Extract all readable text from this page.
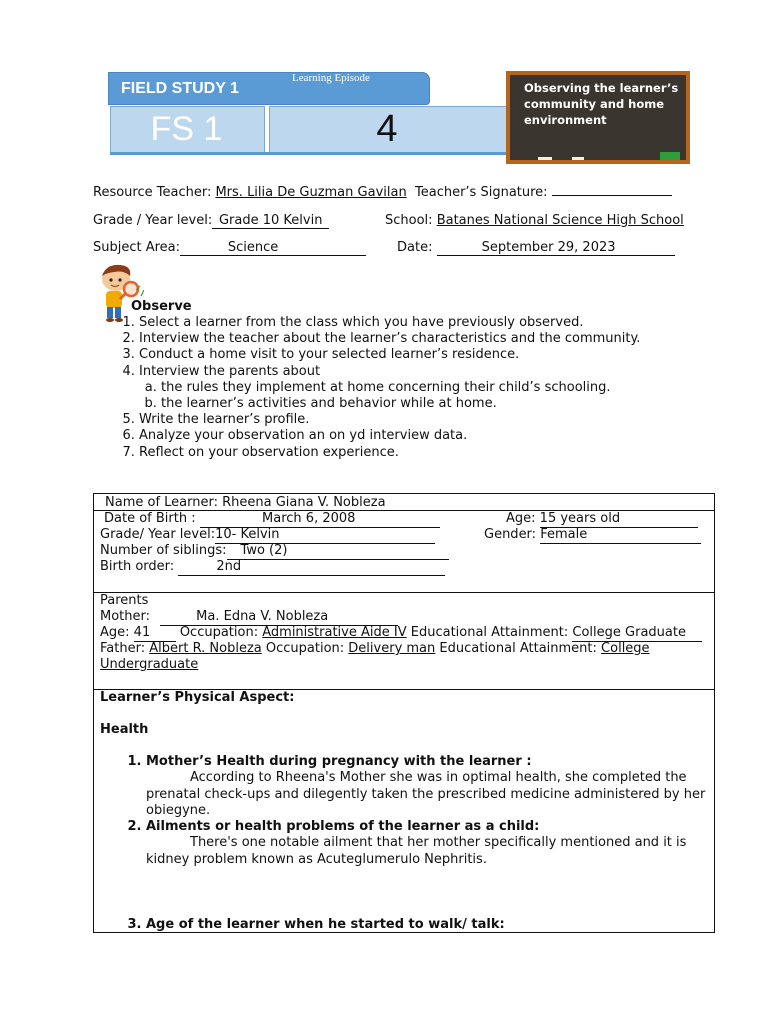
FIELD STUDY 1
Learning Episode
FS 1	4
Observing the learner’s community and home environment
Resource Teacher: Mrs. Lilia De Guzman Gavilan Teacher’s Signature:
Grade / Year level: Grade 10 Kelvin	School: Batanes National Science High School
Subject Area:	Science	Date:	September 29, 2023
Observe
1. Select a learner from the class which you have previously observed.
2. Interview the teacher about the learner’s characteristics and the community.
3. Conduct a home visit to your selected learner’s residence.
4. Interview the parents about
a. the rules they implement at home concerning their child’s schooling.
b. the learner’s activities and behavior while at home.
5. Write the learner’s profile.
6. Analyze your observation an on yd interview data.
7. Reflect on your observation experience.
Name of Learner: Rheena Giana V. Nobleza
Date of Birth :	March 6, 2008	Age: 15 years old
Grade/ Year level:10- Kelvin	Gender: Female
Number of siblings: Two (2)
Birth order:	2nd
Parents
Mother:	Ma. Edna V. Nobleza
Age: 41 Occupation: Administrative Aide IV Educational Attainment: College Graduate
Father: Albert R. Nobleza Occupation: Delivery man Educational Attainment: College
Undergraduate
Learner’s Physical Aspect:
Health
1. Mother’s Health during pregnancy with the learner :
According to Rheena's Mother she was in optimal health, she completed the
prenatal check-ups and dilegently taken the prescribed medicine administered by her
obiegyne.
2. Ailments or health problems of the learner as a child:
There's one notable ailment that her mother specifically mentioned and it is
kidney problem known as Acuteglumerulo Nephritis.
3. Age of the learner when he started to walk/ talk:
